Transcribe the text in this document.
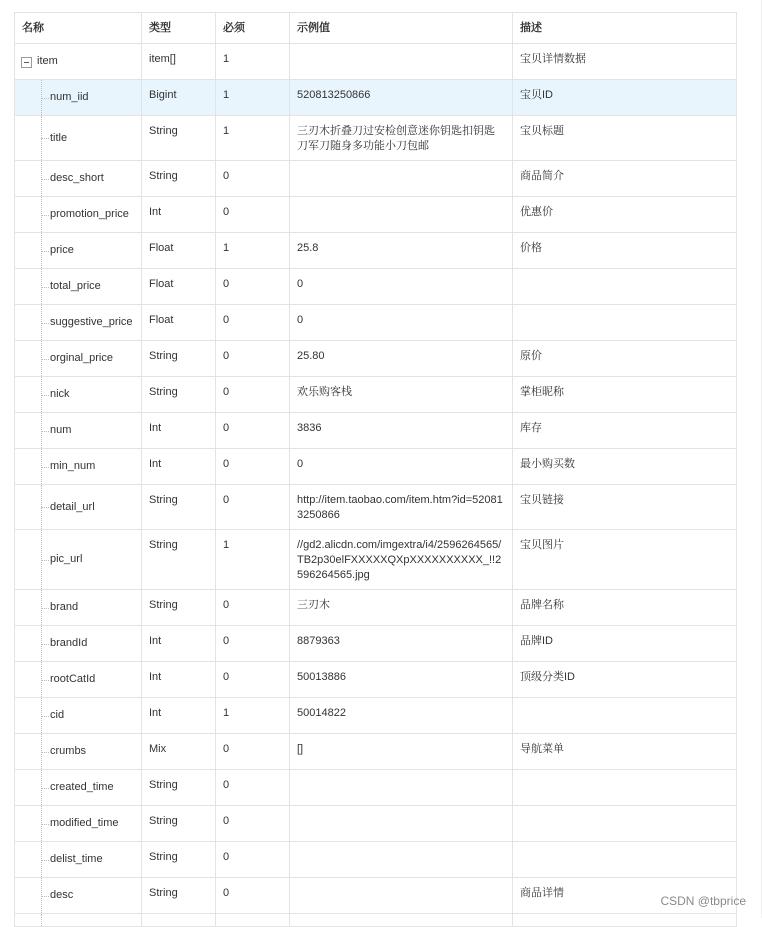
名称	类型	必须	示例值	描述

item	item[]	1		宝贝详情数据

num_iid	Bigint	1	520813250866	宝贝ID

title	String	1	三刃木折叠刀过安检创意迷你钥匙扣钥匙刀军刀随身多功能小刀包邮	宝贝标题

desc_short	String	0		商品简介

promotion_price	Int	0		优惠价

price	Float	1	25.8	价格

total_price	Float	0	0	

suggestive_price	Float	0	0	

orginal_price	String	0	25.80	原价

nick	String	0	欢乐购客栈	掌柜昵称

num	Int	0	3836	库存

min_num	Int	0	0	最小购买数

detail_url	String	0	http://item.taobao.com/item.htm?id=520813250866	宝贝链接

pic_url	String	1	//gd2.alicdn.com/imgextra/i4/2596264565/TB2p30elFXXXXXQXpXXXXXXXXXX_!!2596264565.jpg	宝贝图片

brand	String	0	三刃木	品牌名称

brandId	Int	0	8879363	品牌ID

rootCatId	Int	0	50013886	顶级分类ID

cid	Int	1	50014822	

crumbs	Mix	0	[]	导航菜单

created_time	String	0		

modified_time	String	0		

delist_time	String	0		

desc	String	0		商品详情

CSDN @tbprice
